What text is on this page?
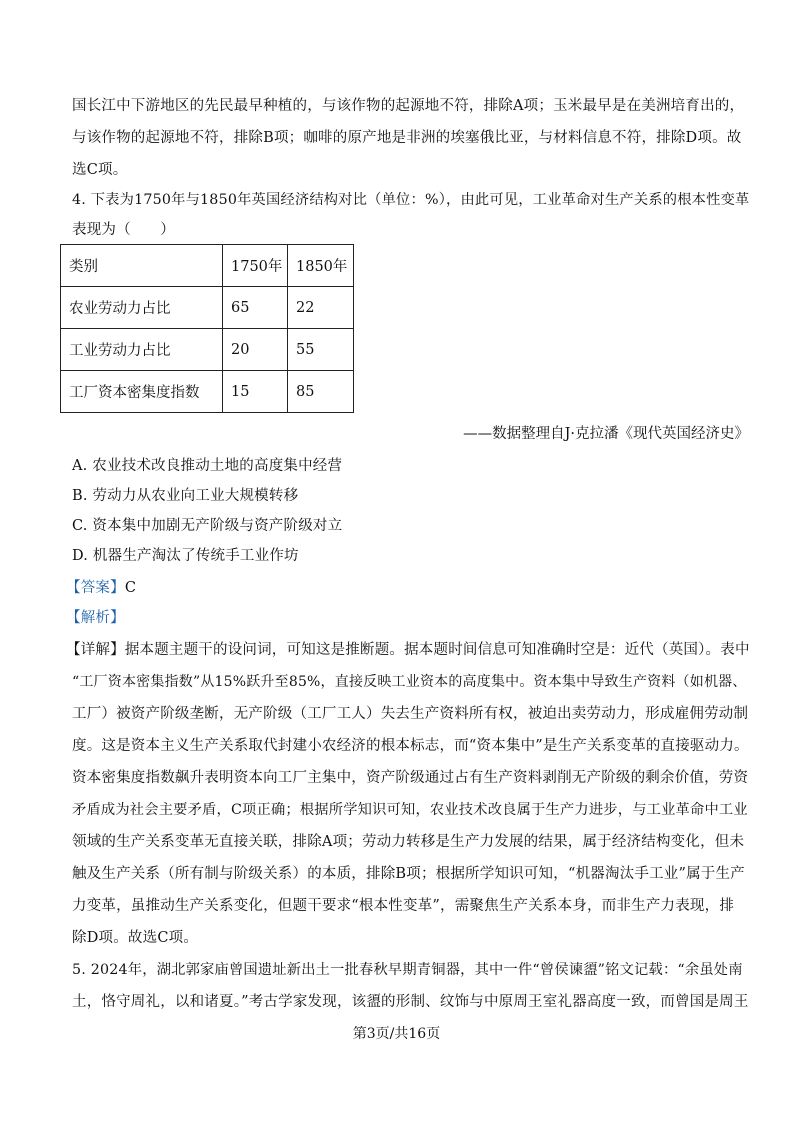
国长江中下游地区的先民最早种植的，与该作物的起源地不符，排除A项；玉米最早是在美洲培育出的，
与该作物的起源地不符，排除B项；咖啡的原产地是非洲的埃塞俄比亚，与材料信息不符，排除D项。故
选C项。
4. 下表为1750年与1850年英国经济结构对比（单位：%），由此可见，工业革命对生产关系的根本性变革
表现为（　　）
类别	1750年	1850年
农业劳动力占比	65	22
工业劳动力占比	20	55
工厂资本密集度指数	15	85
——数据整理自J·克拉潘《现代英国经济史》
A. 农业技术改良推动土地的高度集中经营
B. 劳动力从农业向工业大规模转移
C. 资本集中加剧无产阶级与资产阶级对立
D. 机器生产淘汰了传统手工业作坊
【答案】C
【解析】
【详解】据本题主题干的设问词，可知这是推断题。据本题时间信息可知准确时空是：近代（英国）。表中
“工厂资本密集指数”从15%跃升至85%，直接反映工业资本的高度集中。资本集中导致生产资料（如机器、
工厂）被资产阶级垄断，无产阶级（工厂工人）失去生产资料所有权，被迫出卖劳动力，形成雇佣劳动制
度。这是资本主义生产关系取代封建小农经济的根本标志，而“资本集中”是生产关系变革的直接驱动力。
资本密集度指数飙升表明资本向工厂主集中，资产阶级通过占有生产资料剥削无产阶级的剩余价值，劳资
矛盾成为社会主要矛盾，C项正确；根据所学知识可知，农业技术改良属于生产力进步，与工业革命中工业
领域的生产关系变革无直接关联，排除A项；劳动力转移是生产力发展的结果，属于经济结构变化，但未
触及生产关系（所有制与阶级关系）的本质，排除B项；根据所学知识可知，“机器淘汰手工业”属于生产
力变革，虽推动生产关系变化，但题干要求“根本性变革”，需聚焦生产关系本身，而非生产力表现，排
除D项。故选C项。
5. 2024年，湖北郭家庙曾国遗址新出土一批春秋早期青铜器，其中一件“曾侯谏盨”铭文记载：“余虽处南
土，恪守周礼，以和诸夏。”考古学家发现，该盨的形制、纹饰与中原周王室礼器高度一致，而曾国是周王
第3页/共16页
